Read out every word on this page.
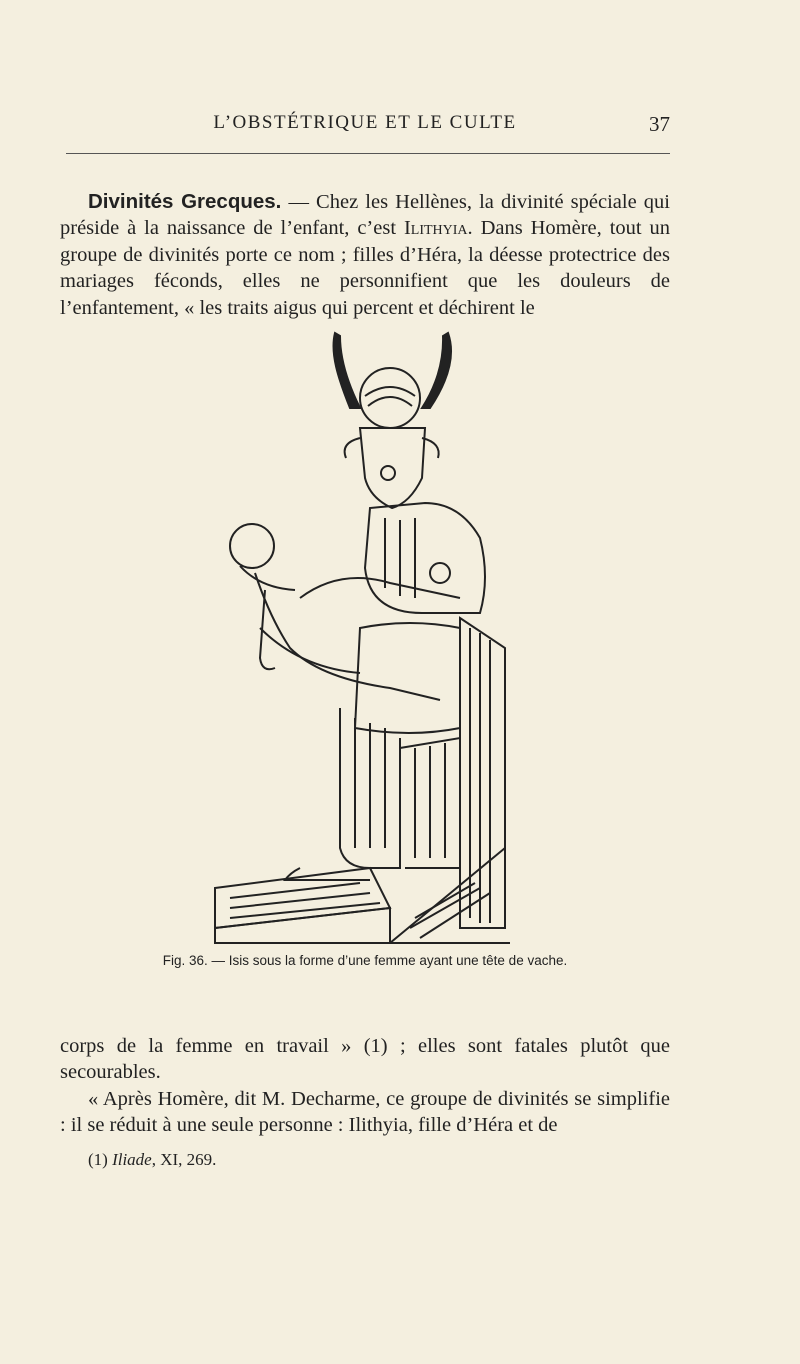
L’OBSTÉTRIQUE ET LE CULTE	37

Divinités Grecques. — Chez les Hellènes, la divinité spéciale qui préside à la naissance de l’enfant, c’est Ilithyia. Dans Homère, tout un groupe de divinités porte ce nom ; filles d’Héra, la déesse protectrice des mariages féconds, elles ne personnifient que les douleurs de l’enfantement, « les traits aigus qui percent et déchirent le

Fig. 36. — Isis sous la forme d’une femme ayant une tête de vache.

corps de la femme en travail » (1) ; elles sont fatales plutôt que secourables.

« Après Homère, dit M. Decharme, ce groupe de divinités se simplifie : il se réduit à une seule personne : Ilithyia, fille d’Héra et de

(1) Iliade, XI, 269.
